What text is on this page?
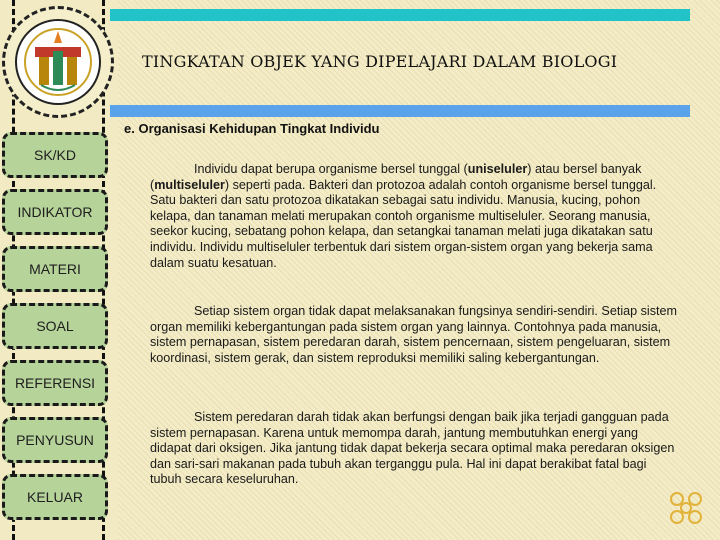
TINGKATAN OBJEK YANG DIPELAJARI DALAM BIOLOGI
SK/KD
INDIKATOR
MATERI
SOAL
REFERENSI
PENYUSUN
KELUAR
e. Organisasi Kehidupan Tingkat Individu
Individu dapat berupa organisme bersel tunggal (uniseluler) atau bersel banyak (multiseluler) seperti pada. Bakteri dan protozoa adalah contoh organisme bersel tunggal. Satu bakteri dan satu protozoa dikatakan sebagai satu individu. Manusia, kucing, pohon kelapa, dan tanaman melati merupakan contoh organisme multiseluler. Seorang manusia, seekor kucing, sebatang pohon kelapa, dan setangkai tanaman melati juga dikatakan satu individu. Individu multiseluler terbentuk dari sistem organ-sistem organ yang bekerja sama dalam suatu kesatuan.
Setiap sistem organ tidak dapat melaksanakan fungsinya sendiri-sendiri. Setiap sistem organ memiliki kebergantungan pada sistem organ yang lainnya. Contohnya pada manusia, sistem pernapasan, sistem peredaran darah, sistem pencernaan, sistem pengeluaran, sistem koordinasi, sistem gerak, dan sistem reproduksi memiliki saling kebergantungan.
Sistem peredaran darah tidak akan berfungsi dengan baik jika terjadi gangguan pada sistem pernapasan. Karena untuk memompa darah, jantung membutuhkan energi yang didapat dari oksigen. Jika jantung tidak dapat bekerja secara optimal maka peredaran oksigen dan sari-sari makanan pada tubuh akan terganggu pula. Hal ini dapat berakibat fatal bagi tubuh secara keseluruhan.
